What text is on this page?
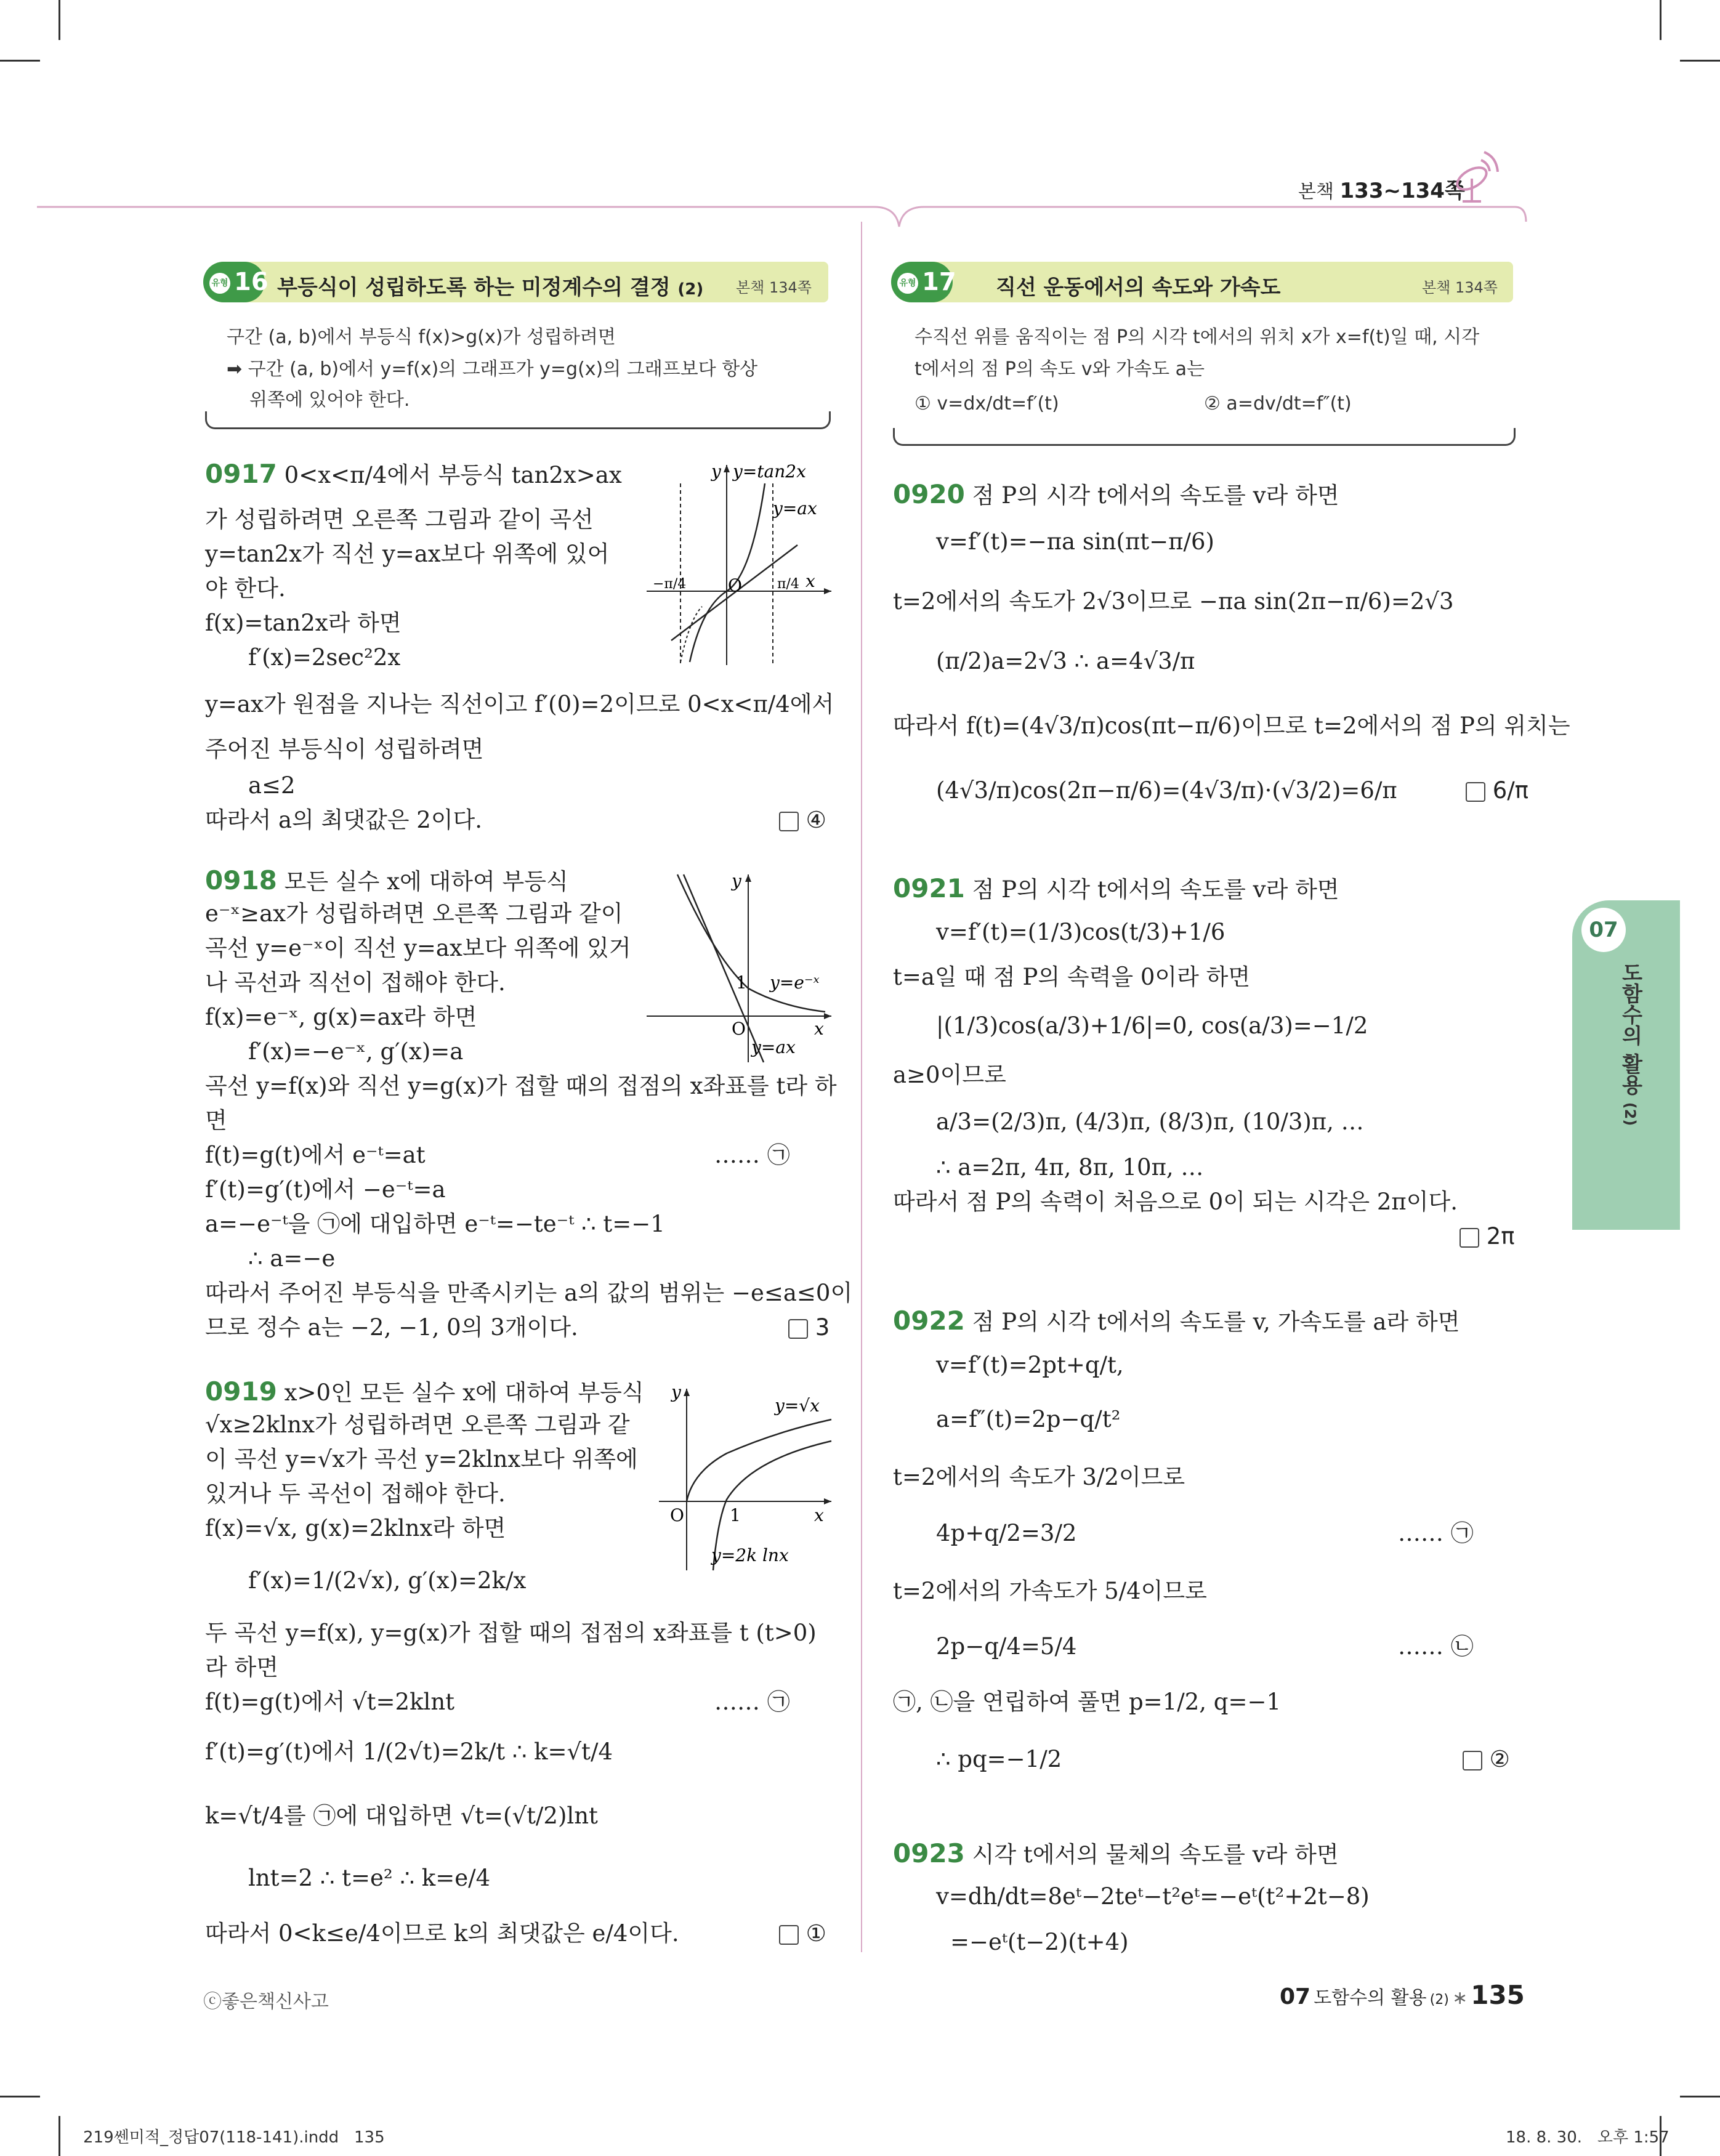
본책 133~134쪽
유형 16 부등식이 성립하도록 하는 미정계수의 결정 (2) 본책 134쪽
구간 (a, b)에서 부등식 f(x)>g(x)가 성립하려면
➡ 구간 (a, b)에서 y=f(x)의 그래프가 y=g(x)의 그래프보다 항상
위쪽에 있어야 한다.
0917 0<x<π/4에서 부등식 tan2x>ax
가 성립하려면 오른쪽 그림과 같이 곡선
y=tan2x가 직선 y=ax보다 위쪽에 있어
야 한다.
f(x)=tan2x라 하면
f′(x)=2sec²2x
y=ax가 원점을 지나는 직선이고 f′(0)=2이므로 0<x<π/4에서
주어진 부등식이 성립하려면
a≤2
따라서 a의 최댓값은 2이다.	④
y
x
O
y=tan2x
y=ax
−π/4	π/4
0918 모든 실수 x에 대하여 부등식
e⁻ˣ≥ax가 성립하려면 오른쪽 그림과 같이
곡선 y=e⁻ˣ이 직선 y=ax보다 위쪽에 있거
나 곡선과 직선이 접해야 한다.
f(x)=e⁻ˣ, g(x)=ax라 하면
f′(x)=−e⁻ˣ, g′(x)=a
곡선 y=f(x)와 직선 y=g(x)가 접할 때의 접점의 x좌표를 t라 하
면
f(t)=g(t)에서 e⁻ᵗ=at	…… ㉠
f′(t)=g′(t)에서 −e⁻ᵗ=a
a=−e⁻ᵗ을 ㉠에 대입하면 e⁻ᵗ=−te⁻ᵗ ∴ t=−1
∴ a=−e
따라서 주어진 부등식을 만족시키는 a의 값의 범위는 −e≤a≤0이
므로 정수 a는 −2, −1, 0의 3개이다.	3
y
x
O
1 y=e⁻ˣ
y=ax
0919 x>0인 모든 실수 x에 대하여 부등식
√x≥2klnx가 성립하려면 오른쪽 그림과 같
이 곡선 y=√x가 곡선 y=2klnx보다 위쪽에
있거나 두 곡선이 접해야 한다.
f(x)=√x, g(x)=2klnx라 하면
f′(x)=1/(2√x), g′(x)=2k/x
두 곡선 y=f(x), y=g(x)가 접할 때의 접점의 x좌표를 t (t>0)
라 하면
f(t)=g(t)에서 √t=2klnt	…… ㉠
f′(t)=g′(t)에서 1/(2√t)=2k/t ∴ k=√t/4
k=√t/4를 ㉠에 대입하면 √t=(√t/2)lnt
lnt=2 ∴ t=e² ∴ k=e/4
따라서 0<k≤e/4이므로 k의 최댓값은 e/4이다.	①
y
x
O	1
y=√x
y=2k lnx
유형 17 직선 운동에서의 속도와 가속도	본책 134쪽
수직선 위를 움직이는 점 P의 시각 t에서의 위치 x가 x=f(t)일 때, 시각
t에서의 점 P의 속도 v와 가속도 a는
① v=dx/dt=f′(t)	② a=dv/dt=f″(t)
0920 점 P의 시각 t에서의 속도를 v라 하면
v=f′(t)=−πa sin(πt−π/6)
t=2에서의 속도가 2√3이므로 −πa sin(2π−π/6)=2√3
(π/2)a=2√3 ∴ a=4√3/π
따라서 f(t)=(4√3/π)cos(πt−π/6)이므로 t=2에서의 점 P의 위치는
(4√3/π)cos(2π−π/6)=(4√3/π)·(√3/2)=6/π	6/π
0921 점 P의 시각 t에서의 속도를 v라 하면
v=f′(t)=(1/3)cos(t/3)+1/6
t=a일 때 점 P의 속력을 0이라 하면
|(1/3)cos(a/3)+1/6|=0, cos(a/3)=−1/2
a≥0이므로
a/3=(2/3)π, (4/3)π, (8/3)π, (10/3)π, …
∴ a=2π, 4π, 8π, 10π, …
따라서 점 P의 속력이 처음으로 0이 되는 시각은 2π이다.
2π
0922 점 P의 시각 t에서의 속도를 v, 가속도를 a라 하면
v=f′(t)=2pt+q/t,
a=f″(t)=2p−q/t²
t=2에서의 속도가 3/2이므로
4p+q/2=3/2	…… ㉠
t=2에서의 가속도가 5/4이므로
2p−q/4=5/4	…… ㉡
㉠, ㉡을 연립하여 풀면 p=1/2, q=−1
∴ pq=−1/2	②
0923 시각 t에서의 물체의 속도를 v라 하면
v=dh/dt=8eᵗ−2teᵗ−t²eᵗ=−eᵗ(t²+2t−8)
=−eᵗ(t−2)(t+4)
07
도함수의 활용 (2)
ⓒ좋은책신사고	07 도함수의 활용 (2) ∗ 135
219쎈미적_정답07(118-141).indd   135	18. 8. 30.   오후 1:57
